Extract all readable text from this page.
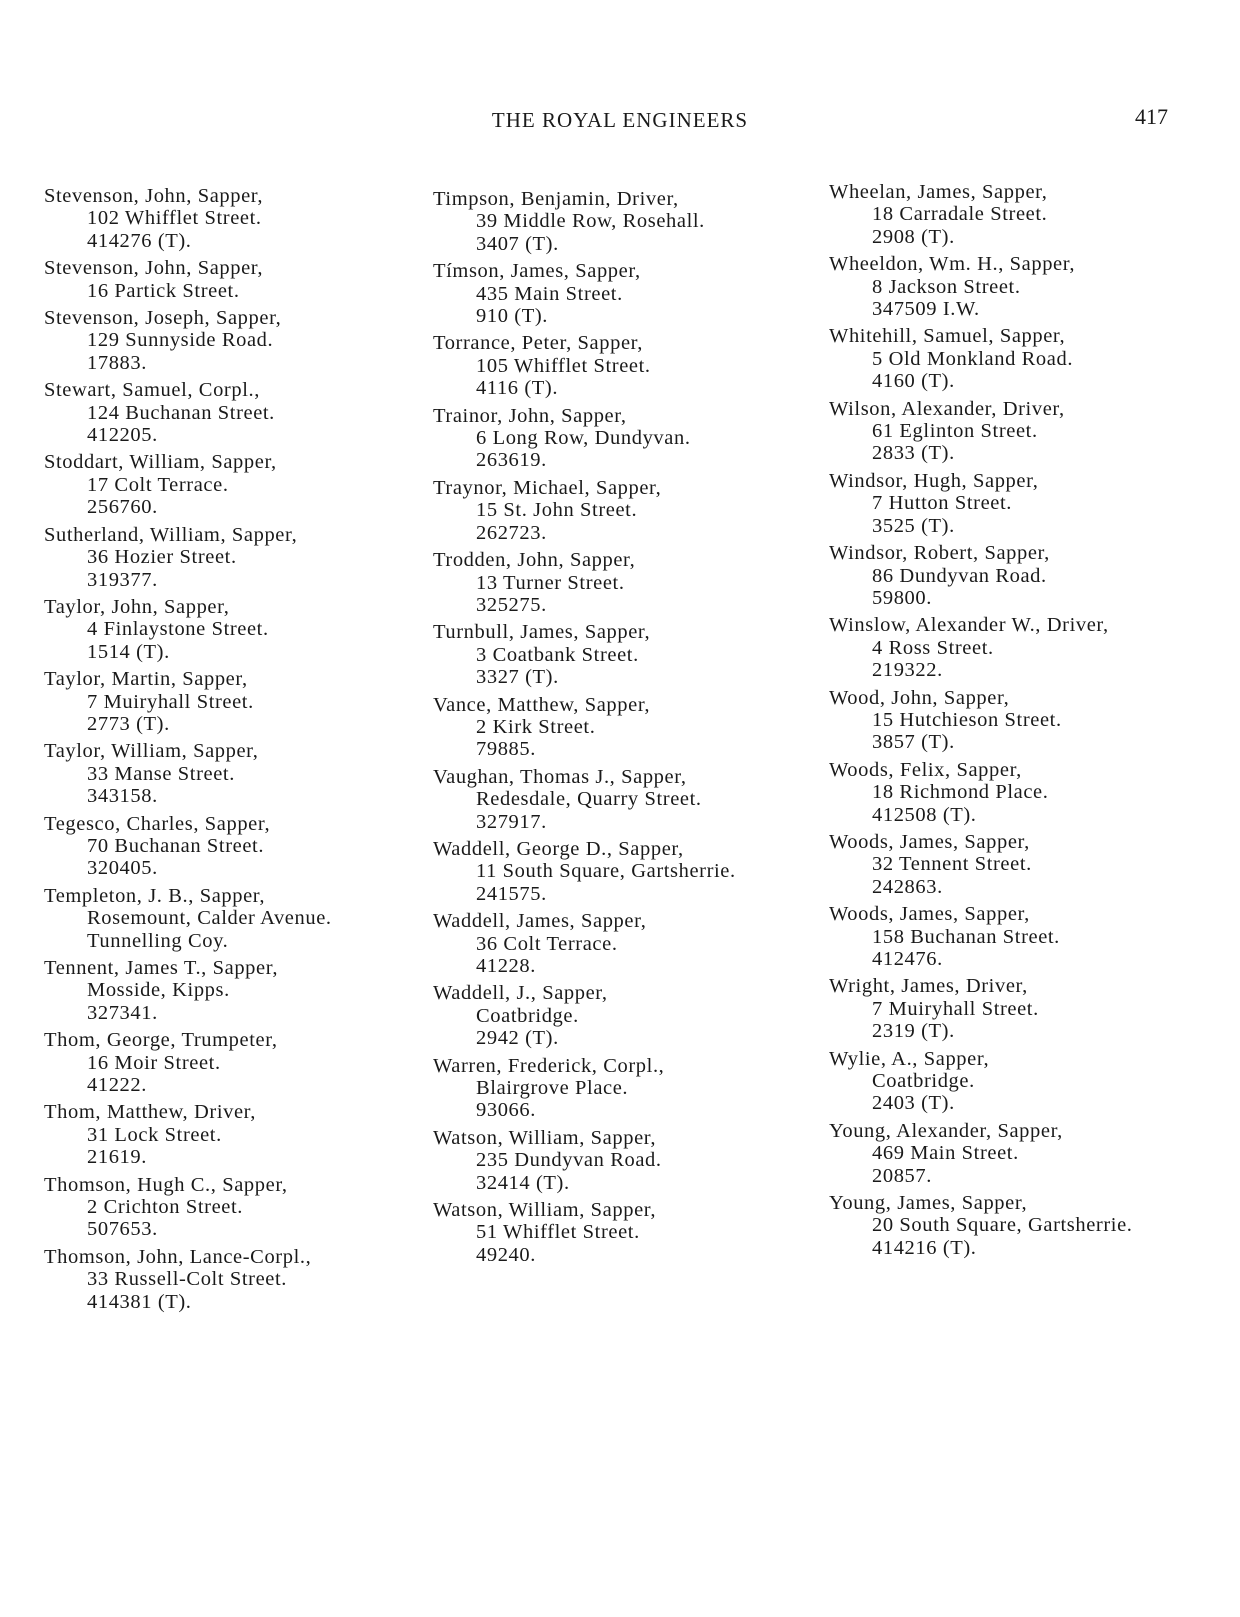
THE ROYAL ENGINEERS	417
Stevenson, John, Sapper,
102 Whifflet Street.
414276 (T).
Stevenson, John, Sapper,
16 Partick Street.
Stevenson, Joseph, Sapper,
129 Sunnyside Road.
17883.
Stewart, Samuel, Corpl.,
124 Buchanan Street.
412205.
Stoddart, William, Sapper,
17 Colt Terrace.
256760.
Sutherland, William, Sapper,
36 Hozier Street.
319377.
Taylor, John, Sapper,
4 Finlaystone Street.
1514 (T).
Taylor, Martin, Sapper,
7 Muiryhall Street.
2773 (T).
Taylor, William, Sapper,
33 Manse Street.
343158.
Tegesco, Charles, Sapper,
70 Buchanan Street.
320405.
Templeton, J. B., Sapper,
Rosemount, Calder Avenue.
Tunnelling Coy.
Tennent, James T., Sapper,
Mosside, Kipps.
327341.
Thom, George, Trumpeter,
16 Moir Street.
41222.
Thom, Matthew, Driver,
31 Lock Street.
21619.
Thomson, Hugh C., Sapper,
2 Crichton Street.
507653.
Thomson, John, Lance-Corpl.,
33 Russell-Colt Street.
414381 (T).
Timpson, Benjamin, Driver,
39 Middle Row, Rosehall.
3407 (T).
Tímson, James, Sapper,
435 Main Street.
910 (T).
Torrance, Peter, Sapper,
105 Whifflet Street.
4116 (T).
Trainor, John, Sapper,
6 Long Row, Dundyvan.
263619.
Traynor, Michael, Sapper,
15 St. John Street.
262723.
Trodden, John, Sapper,
13 Turner Street.
325275.
Turnbull, James, Sapper,
3 Coatbank Street.
3327 (T).
Vance, Matthew, Sapper,
2 Kirk Street.
79885.
Vaughan, Thomas J., Sapper,
Redesdale, Quarry Street.
327917.
Waddell, George D., Sapper,
11 South Square, Gartsherrie.
241575.
Waddell, James, Sapper,
36 Colt Terrace.
41228.
Waddell, J., Sapper,
Coatbridge.
2942 (T).
Warren, Frederick, Corpl.,
Blairgrove Place.
93066.
Watson, William, Sapper,
235 Dundyvan Road.
32414 (T).
Watson, William, Sapper,
51 Whifflet Street.
49240.
Wheelan, James, Sapper,
18 Carradale Street.
2908 (T).
Wheeldon, Wm. H., Sapper,
8 Jackson Street.
347509 I.W.
Whitehill, Samuel, Sapper,
5 Old Monkland Road.
4160 (T).
Wilson, Alexander, Driver,
61 Eglinton Street.
2833 (T).
Windsor, Hugh, Sapper,
7 Hutton Street.
3525 (T).
Windsor, Robert, Sapper,
86 Dundyvan Road.
59800.
Winslow, Alexander W., Driver,
4 Ross Street.
219322.
Wood, John, Sapper,
15 Hutchieson Street.
3857 (T).
Woods, Felix, Sapper,
18 Richmond Place.
412508 (T).
Woods, James, Sapper,
32 Tennent Street.
242863.
Woods, James, Sapper,
158 Buchanan Street.
412476.
Wright, James, Driver,
7 Muiryhall Street.
2319 (T).
Wylie, A., Sapper,
Coatbridge.
2403 (T).
Young, Alexander, Sapper,
469 Main Street.
20857.
Young, James, Sapper,
20 South Square, Gartsherrie.
414216 (T).
